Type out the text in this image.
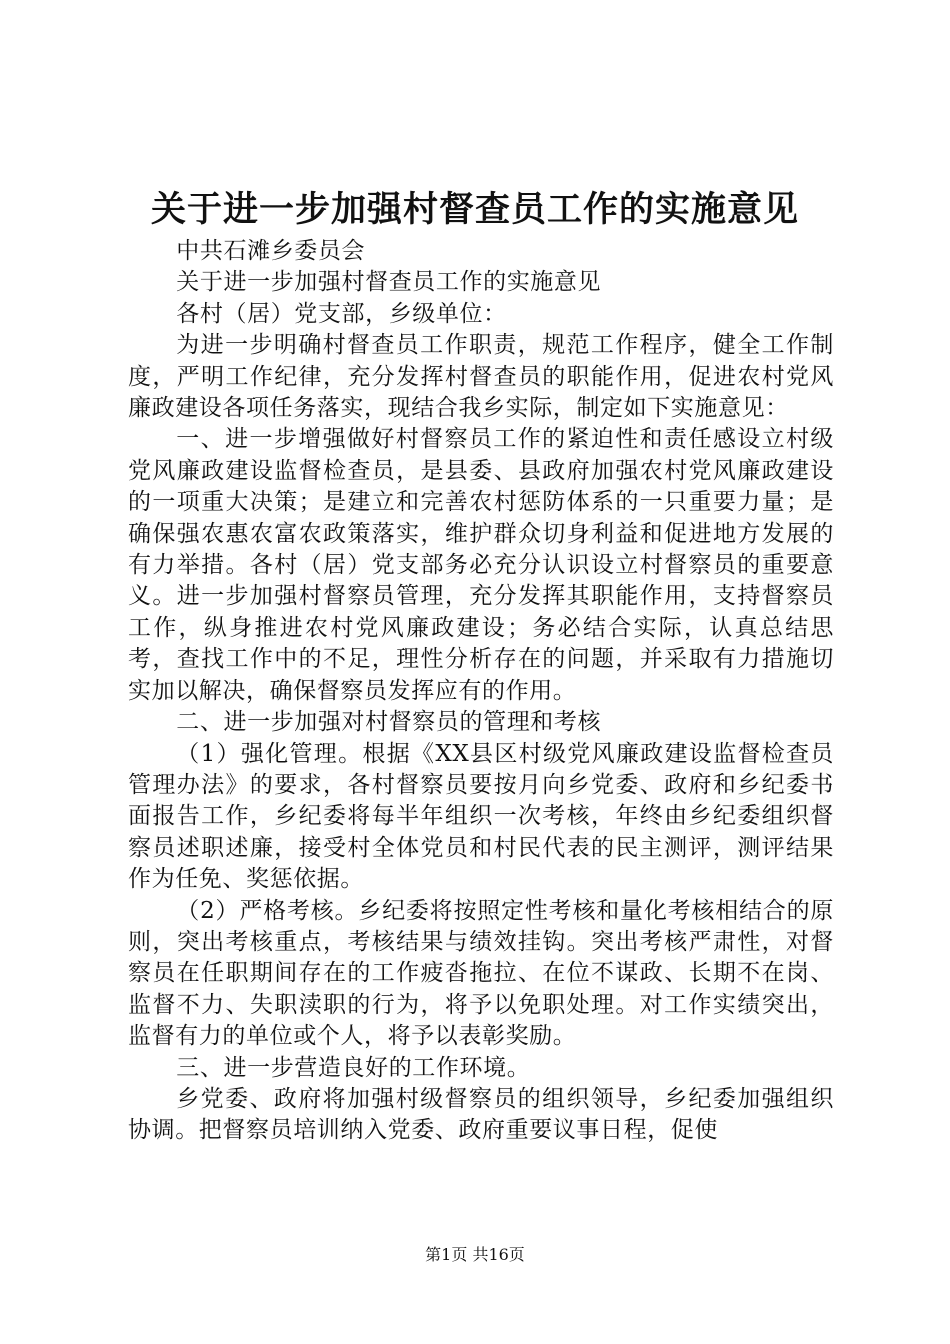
关于进一步加强村督查员工作的实施意见

中共石滩乡委员会

关于进一步加强村督查员工作的实施意见

各村（居）党支部，乡级单位：

为进一步明确村督查员工作职责，规范工作程序，健全工作制度，严明工作纪律，充分发挥村督查员的职能作用，促进农村党风廉政建设各项任务落实，现结合我乡实际，制定如下实施意见：

一、进一步增强做好村督察员工作的紧迫性和责任感设立村级党风廉政建设监督检查员，是县委、县政府加强农村党风廉政建设的一项重大决策；是建立和完善农村惩防体系的一只重要力量；是确保强农惠农富农政策落实，维护群众切身利益和促进地方发展的有力举措。各村（居）党支部务必充分认识设立村督察员的重要意义。进一步加强村督察员管理，充分发挥其职能作用，支持督察员工作，纵身推进农村党风廉政建设；务必结合实际，认真总结思考，查找工作中的不足，理性分析存在的问题，并采取有力措施切实加以解决，确保督察员发挥应有的作用。

二、进一步加强对村督察员的管理和考核

（1）强化管理。根据《XX县区村级党风廉政建设监督检查员管理办法》的要求，各村督察员要按月向乡党委、政府和乡纪委书面报告工作，乡纪委将每半年组织一次考核，年终由乡纪委组织督察员述职述廉，接受村全体党员和村民代表的民主测评，测评结果作为任免、奖惩依据。

（2）严格考核。乡纪委将按照定性考核和量化考核相结合的原则，突出考核重点，考核结果与绩效挂钩。突出考核严肃性，对督察员在任职期间存在的工作疲沓拖拉、在位不谋政、长期不在岗、监督不力、失职渎职的行为，将予以免职处理。对工作实绩突出，监督有力的单位或个人，将予以表彰奖励。

三、进一步营造良好的工作环境。

乡党委、政府将加强村级督察员的组织领导，乡纪委加强组织协调。把督察员培训纳入党委、政府重要议事日程，促使

第1页 共16页
